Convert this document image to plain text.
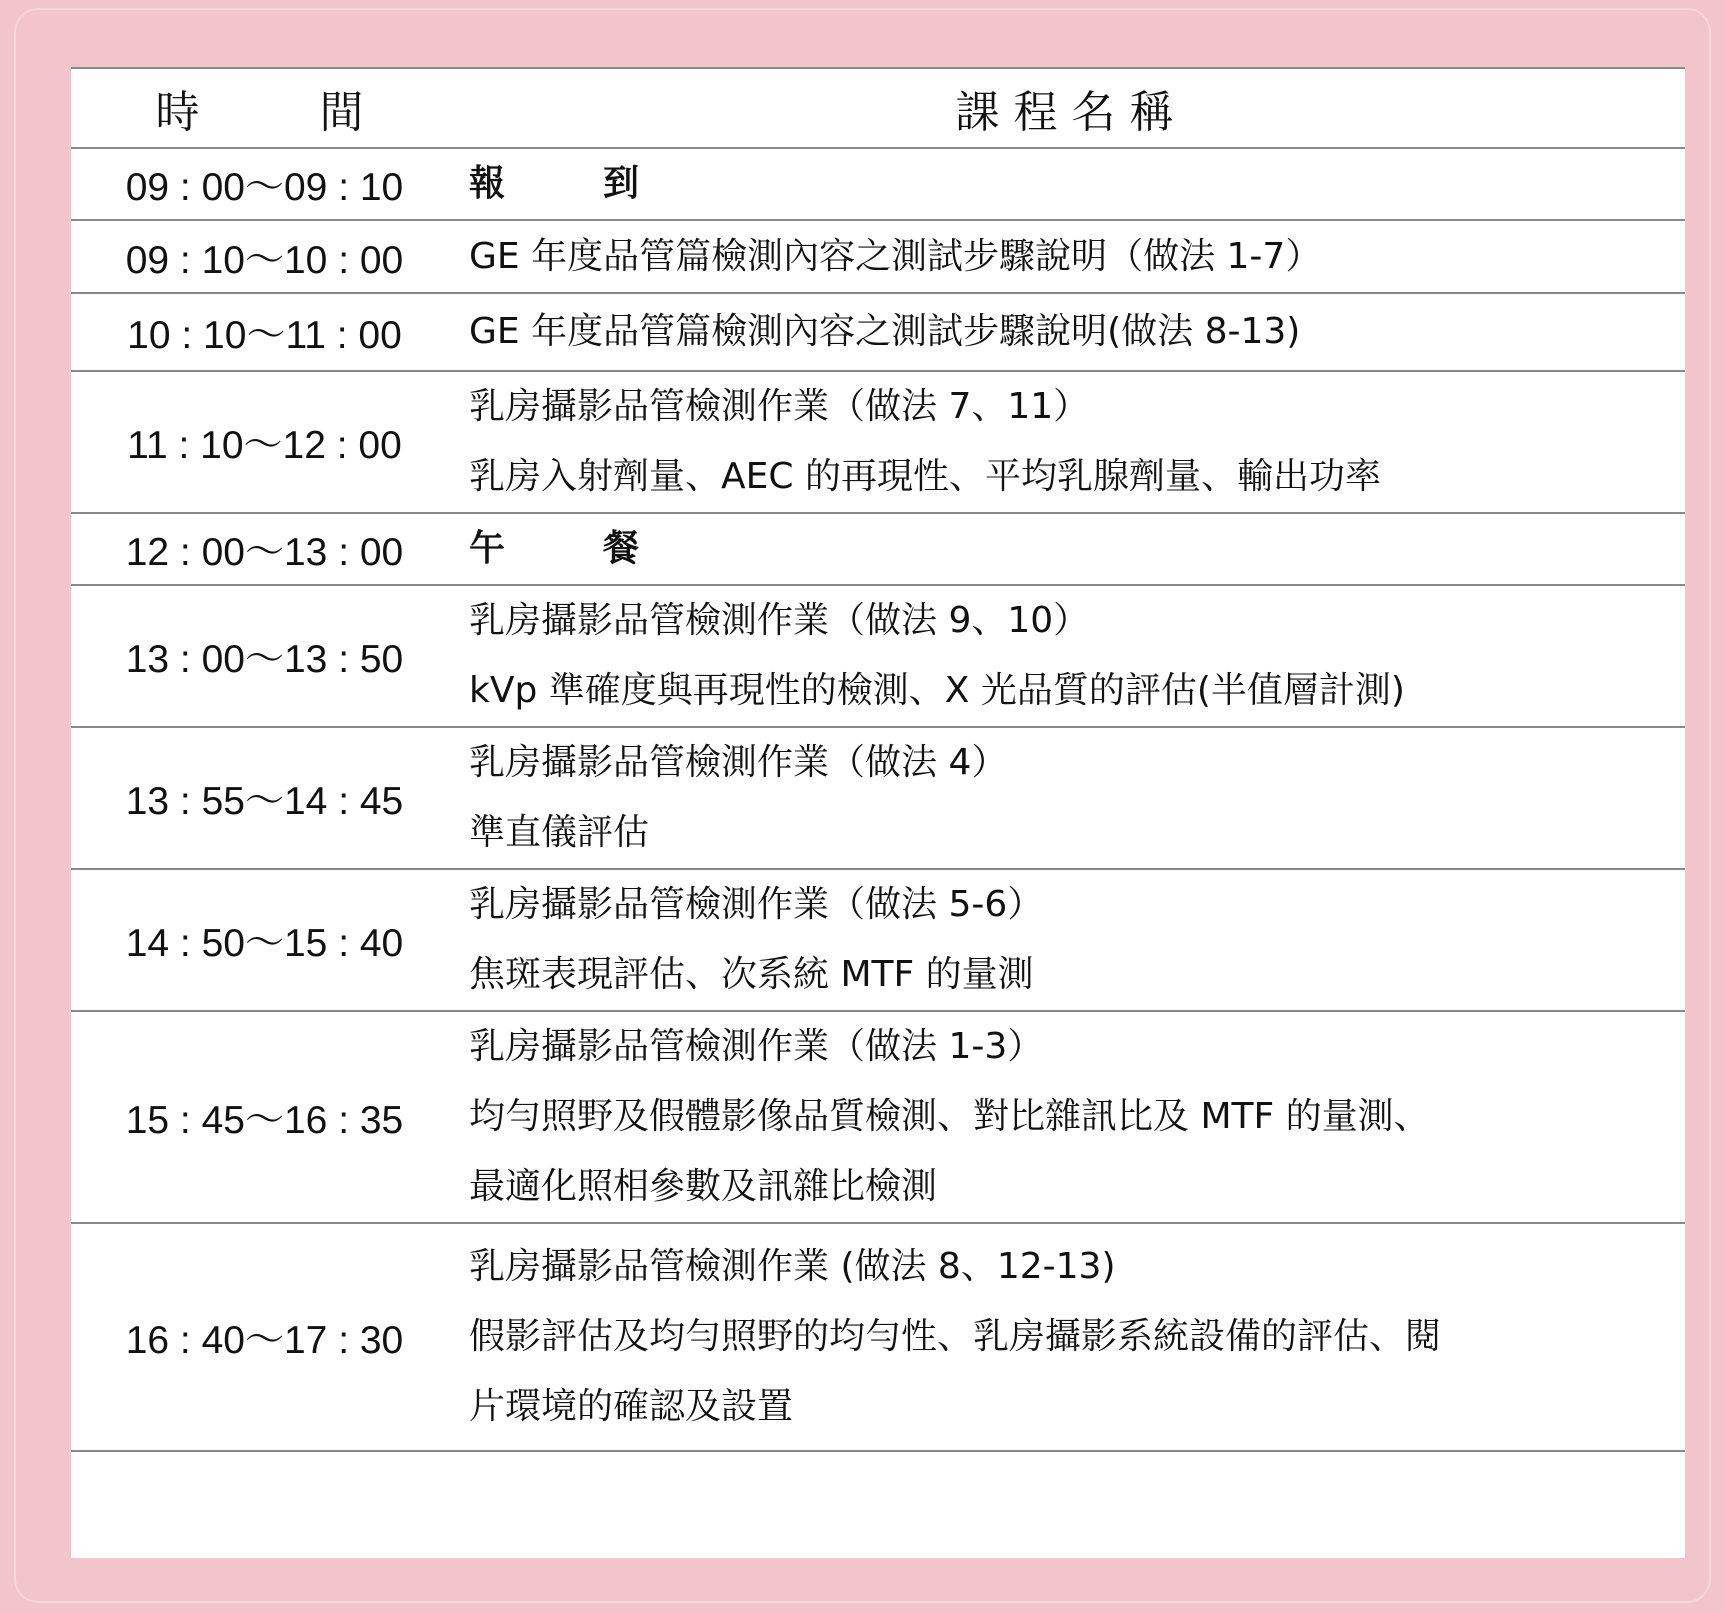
時 間	課程名稱
09 : 00～09 : 10	報 到
09 : 10～10 : 00	GE 年度品管篇檢測內容之測試步驟說明（做法 1-7）

10 : 10～11 : 00	GE 年度品管篇檢測內容之測試步驟說明(做法 8-13)

11 : 10～12 : 00	乳房攝影品管檢測作業（做法 7、11）
乳房入射劑量、AEC 的再現性、平均乳腺劑量、輸出功率

12 : 00～13 : 00	午 餐
13 : 00～13 : 50	乳房攝影品管檢測作業（做法 9、10）
kVp 準確度與再現性的檢測、X 光品質的評估(半值層計測)

13 : 55～14 : 45	乳房攝影品管檢測作業（做法 4）
準直儀評估

14 : 50～15 : 40	乳房攝影品管檢測作業（做法 5-6）
焦斑表現評估、次系統 MTF 的量測

15 : 45～16 : 35	乳房攝影品管檢測作業（做法 1-3）
均勻照野及假體影像品質檢測、對比雜訊比及 MTF 的量測、
最適化照相參數及訊雜比檢測

16 : 40～17 : 30	乳房攝影品管檢測作業 (做法 8、12-13)
假影評估及均勻照野的均勻性、乳房攝影系統設備的評估、閱
片環境的確認及設置
